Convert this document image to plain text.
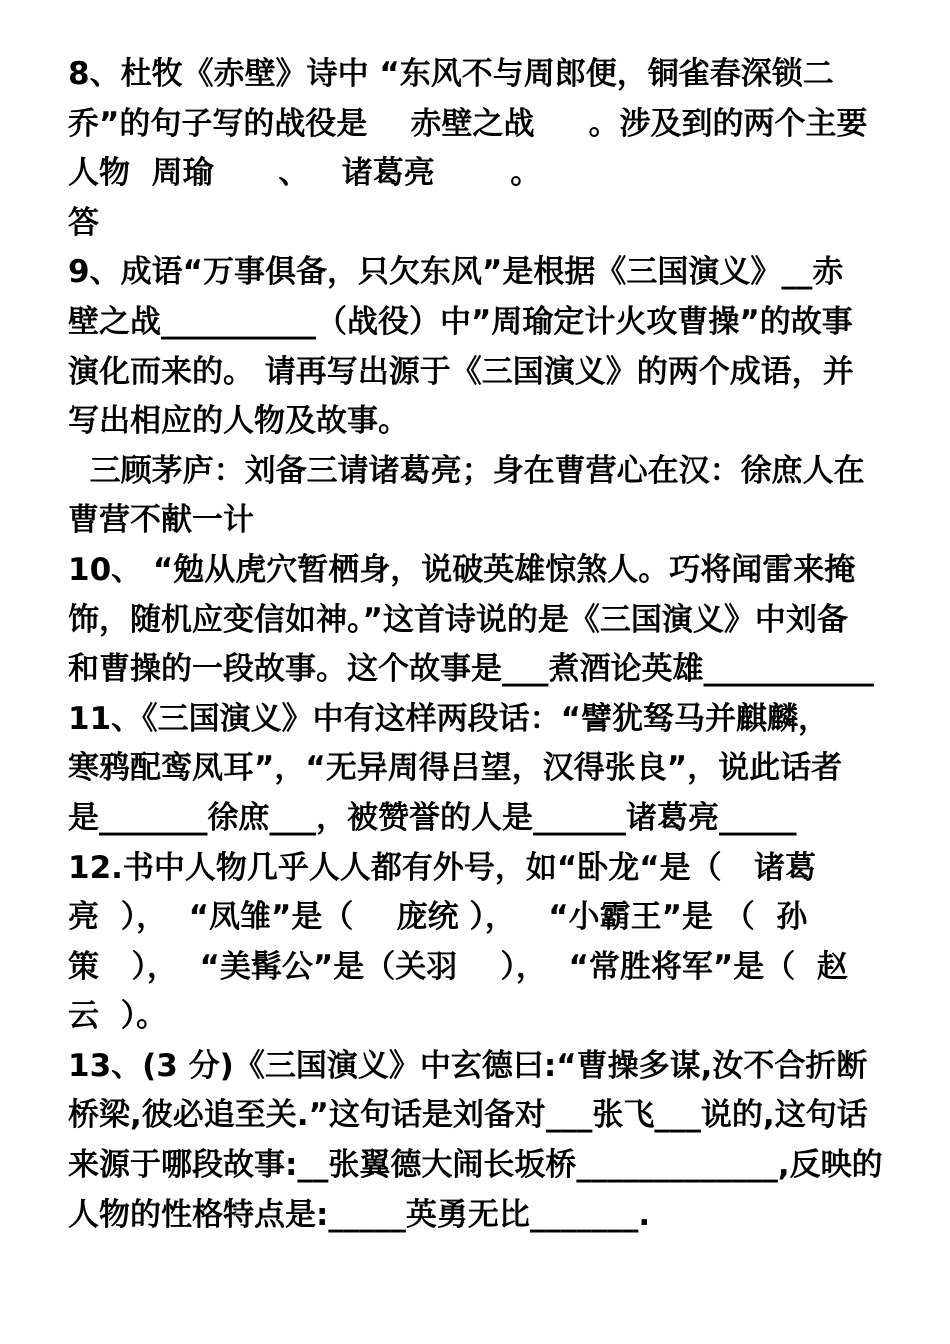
8、杜牧《赤壁》诗中 “东风不与周郎便，铜雀春深锁二
乔”的句子写的战役是    赤壁之战     。涉及到的两个主要
人物  周瑜      、   诸葛亮       。
答
9、成语“万事俱备，只欠东风”是根据《三国演义》__赤
壁之战__________（战役）中”周瑜定计火攻曹操”的故事
演化而来的。 请再写出源于《三国演义》的两个成语，并
写出相应的人物及故事。
三顾茅庐：刘备三请诸葛亮；身在曹营心在汉：徐庶人在
曹营不献一计
10、 “勉从虎穴暂栖身，说破英雄惊煞人。巧将闻雷来掩
饰，随机应变信如神。”这首诗说的是《三国演义》中刘备
和曹操的一段故事。这个故事是___煮酒论英雄___________
11、《三国演义》中有这样两段话：“譬犹驽马并麒麟，
寒鸦配鸾凤耳”，“无异周得吕望，汉得张良”，说此话者
是_______徐庶___，被赞誉的人是______诸葛亮_____
12.书中人物几乎人人都有外号，如“卧龙“是（   诸葛
亮  ），  “凤雏”是（    庞统 ），   “小霸王”是 （  孙
策   ），  “美髯公”是（关羽    ），  “常胜将军”是（  赵
云  ）。
13、(3 分)《三国演义》中玄德曰:“曹操多谋,汝不合折断
桥梁,彼必追至关.”这句话是刘备对___张飞___说的,这句话
来源于哪段故事:__张翼德大闹长坂桥_____________,反映的
人物的性格特点是:_____英勇无比_______.
